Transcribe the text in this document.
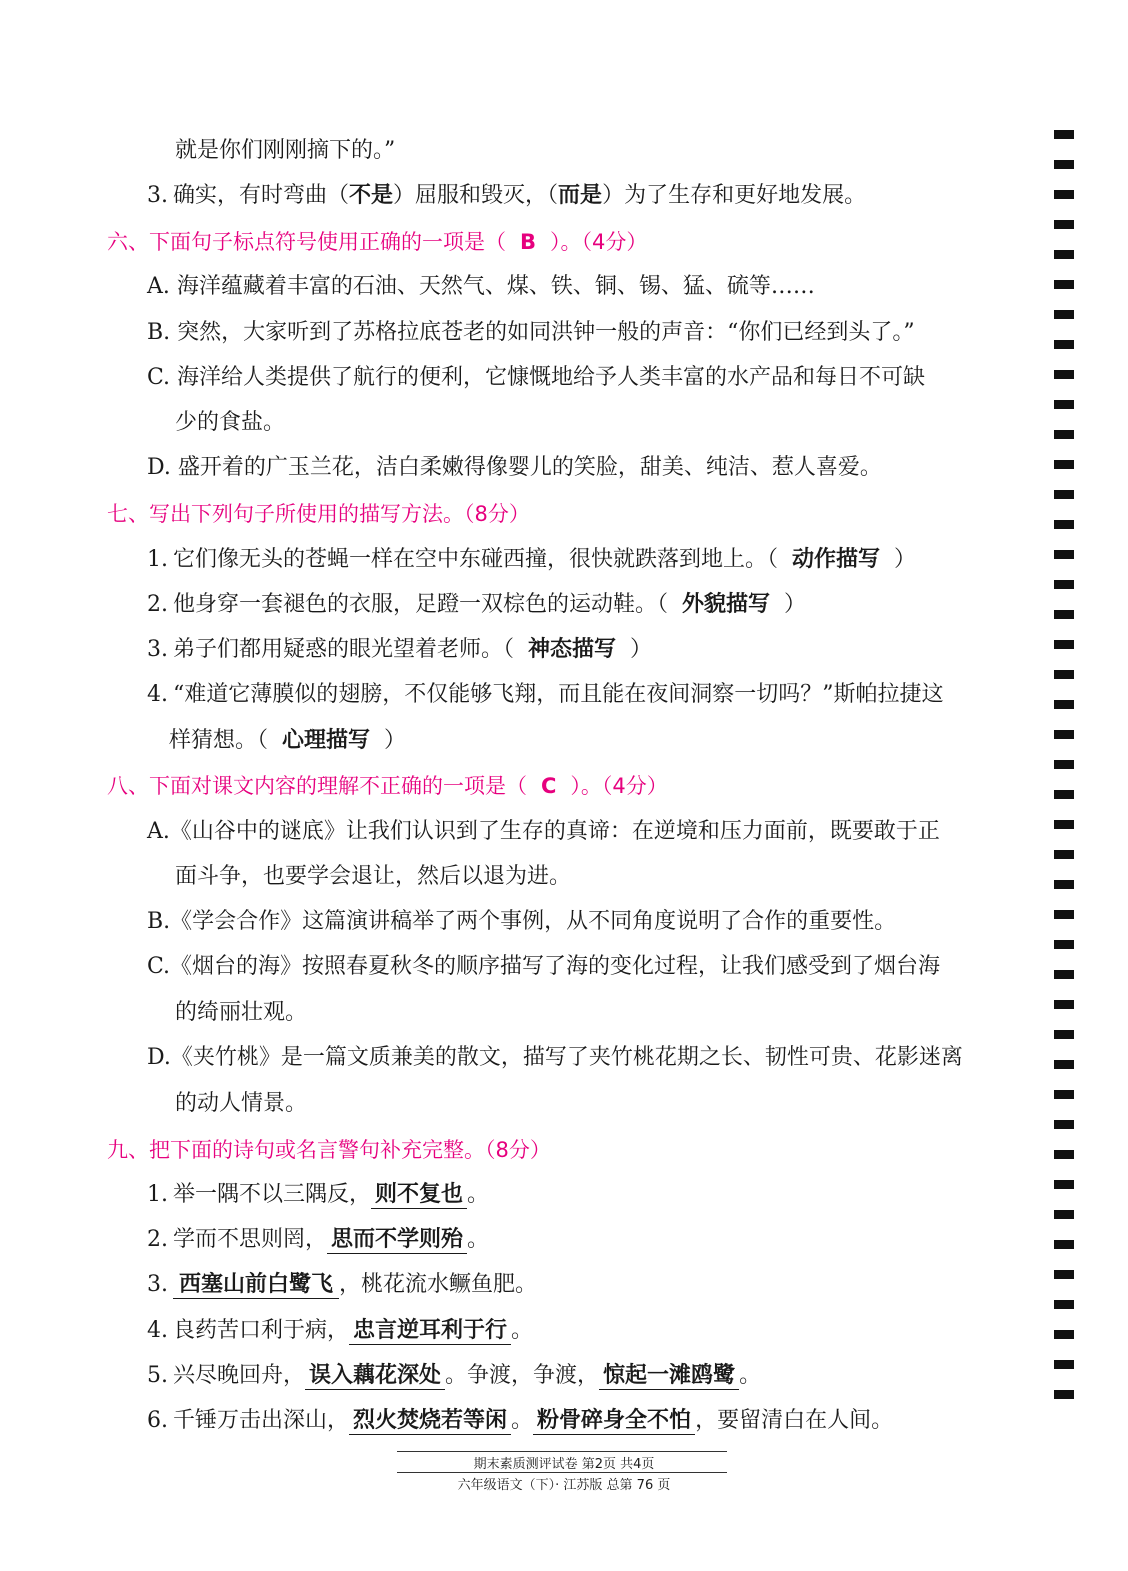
就是你们刚刚摘下的。”
3. 确实，有时弯曲（不是）屈服和毁灭，（而是）为了生存和更好地发展。
六、下面句子标点符号使用正确的一项是（ B ）。（4分）
A. 海洋蕴藏着丰富的石油、天然气、煤、铁、铜、锡、猛、硫等……
B. 突然，大家听到了苏格拉底苍老的如同洪钟一般的声音：“你们已经到头了。”
C. 海洋给人类提供了航行的便利，它慷慨地给予人类丰富的水产品和每日不可缺
少的食盐。
D. 盛开着的广玉兰花，洁白柔嫩得像婴儿的笑脸，甜美、纯洁、惹人喜爱。
七、写出下列句子所使用的描写方法。（8分）
1. 它们像无头的苍蝇一样在空中东碰西撞，很快就跌落到地上。（ 动作描写 ）
2. 他身穿一套褪色的衣服，足蹬一双棕色的运动鞋。（ 外貌描写 ）
3. 弟子们都用疑惑的眼光望着老师。（ 神态描写 ）
4. “难道它薄膜似的翅膀，不仅能够飞翔，而且能在夜间洞察一切吗？”斯帕拉捷这
样猜想。（ 心理描写 ）
八、下面对课文内容的理解不正确的一项是（ C ）。（4分）
A.《山谷中的谜底》让我们认识到了生存的真谛：在逆境和压力面前，既要敢于正
面斗争，也要学会退让，然后以退为进。
B.《学会合作》这篇演讲稿举了两个事例，从不同角度说明了合作的重要性。
C.《烟台的海》按照春夏秋冬的顺序描写了海的变化过程，让我们感受到了烟台海
的绮丽壮观。
D.《夹竹桃》是一篇文质兼美的散文，描写了夹竹桃花期之长、韧性可贵、花影迷离
的动人情景。
九、把下面的诗句或名言警句补充完整。（8分）
1. 举一隅不以三隅反， 则不复也 。
2. 学而不思则罔， 思而不学则殆 。
3. 西塞山前白鹭飞 ，桃花流水鳜鱼肥。
4. 良药苦口利于病， 忠言逆耳利于行 。
5. 兴尽晚回舟， 误入藕花深处 。争渡，争渡， 惊起一滩鸥鹭 。
6. 千锤万击出深山， 烈火焚烧若等闲 。 粉骨碎身全不怕 ，要留清白在人间。
期末素质测评试卷 第2页 共4页
六年级语文（下）· 江苏版 总第 76 页
